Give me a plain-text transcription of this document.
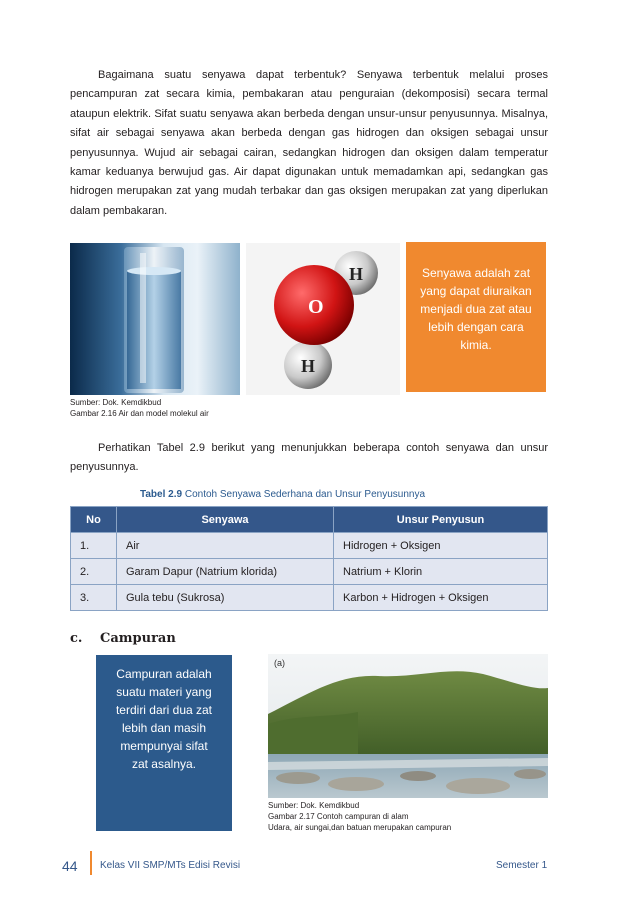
Bagaimana suatu senyawa dapat terbentuk? Senyawa terbentuk melalui proses pencampuran zat secara kimia, pembakaran atau penguraian (dekomposisi) secara termal ataupun elektrik. Sifat suatu senyawa akan berbeda dengan unsur-unsur penyusunnya. Misalnya, sifat air sebagai senyawa akan berbeda dengan gas hidrogen dan oksigen sebagai unsur penyusunnya. Wujud air sebagai cairan, sedangkan hidrogen dan oksigen dalam temperatur kamar keduanya berwujud gas. Air dapat digunakan untuk memadamkan api, sedangkan gas hidrogen merupakan zat yang mudah terbakar dan gas oksigen merupakan zat yang diperlukan dalam pembakaran.

O
H
H
Senyawa adalah zat yang dapat diuraikan menjadi dua zat atau lebih dengan cara kimia.
Sumber: Dok. Kemdikbud
Gambar 2.16 Air dan model molekul air

Perhatikan Tabel 2.9 berikut yang menunjukkan beberapa contoh senyawa dan unsur penyusunnya.

Tabel 2.9 Contoh Senyawa Sederhana dan Unsur Penyusunnya
No	Senyawa	Unsur Penyusun
1.	Air	Hidrogen + Oksigen
2.	Garam Dapur (Natrium klorida)	Natrium + Klorin
3.	Gula tebu (Sukrosa)	Karbon + Hidrogen + Oksigen
c. Campuran
Campuran adalah suatu materi yang terdiri dari dua zat lebih dan masih mempunyai sifat zat asalnya.
(a)
Sumber: Dok. Kemdikbud
Gambar 2.17 Contoh campuran di alam
Udara, air sungai,dan batuan merupakan campuran
44 Kelas VII SMP/MTs Edisi Revisi	Semester 1
